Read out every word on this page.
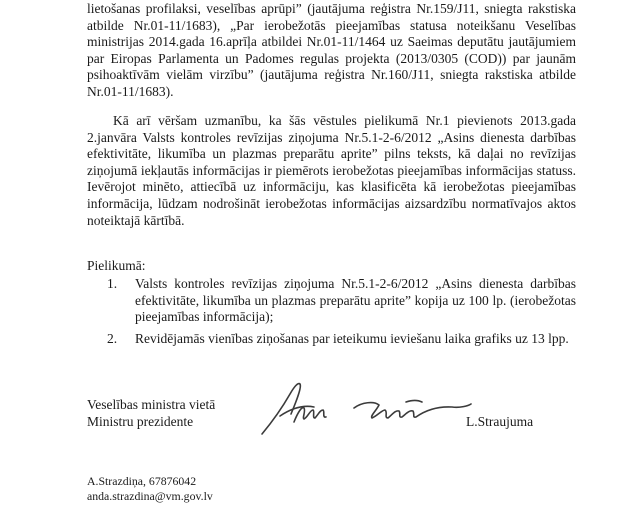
lietošanas profilaksi, veselības aprūpi” (jautājuma reģistra Nr.159/J11, sniegta rakstiska atbilde Nr.01-11/1683), „Par ierobežotās pieejamības statusa noteikšanu Veselības ministrijas 2014.gada 16.aprīļa atbildei Nr.01-11/1464 uz Saeimas deputātu jautājumiem par Eiropas Parlamenta un Padomes regulas projekta (2013/0305 (COD)) par jaunām psihoaktīvām vielām virzību” (jautājuma reģistra Nr.160/J11, sniegta rakstiska atbilde Nr.01-11/1683).

Kā arī vēršam uzmanību, ka šās vēstules pielikumā Nr.1 pievienots 2013.gada 2.janvāra Valsts kontroles revīzijas ziņojuma Nr.5.1-2-6/2012 „Asins dienesta darbības efektivitāte, likumība un plazmas preparātu aprite” pilns teksts, kā daļai no revīzijas ziņojumā iekļautās informācijas ir piemērots ierobežotas pieejamības informācijas statuss. Ievērojot minēto, attiecībā uz informāciju, kas klasificēta kā ierobežotas pieejamības informācija, lūdzam nodrošināt ierobežotas informācijas aizsardzību normatīvajos aktos noteiktajā kārtībā.

Pielikumā:

1. Valsts kontroles revīzijas ziņojuma Nr.5.1-2-6/2012 „Asins dienesta darbības efektivitāte, likumība un plazmas preparātu aprite” kopija uz 100 lp. (ierobežotas pieejamības informācija);
2. Revidējamās vienības ziņošanas par ieteikumu ieviešanu laika grafiks uz 13 lpp.
Veselības ministra vietā
Ministru prezidente	L.Straujuma
A.Strazdiņa, 67876042
anda.strazdina@vm.gov.lv
